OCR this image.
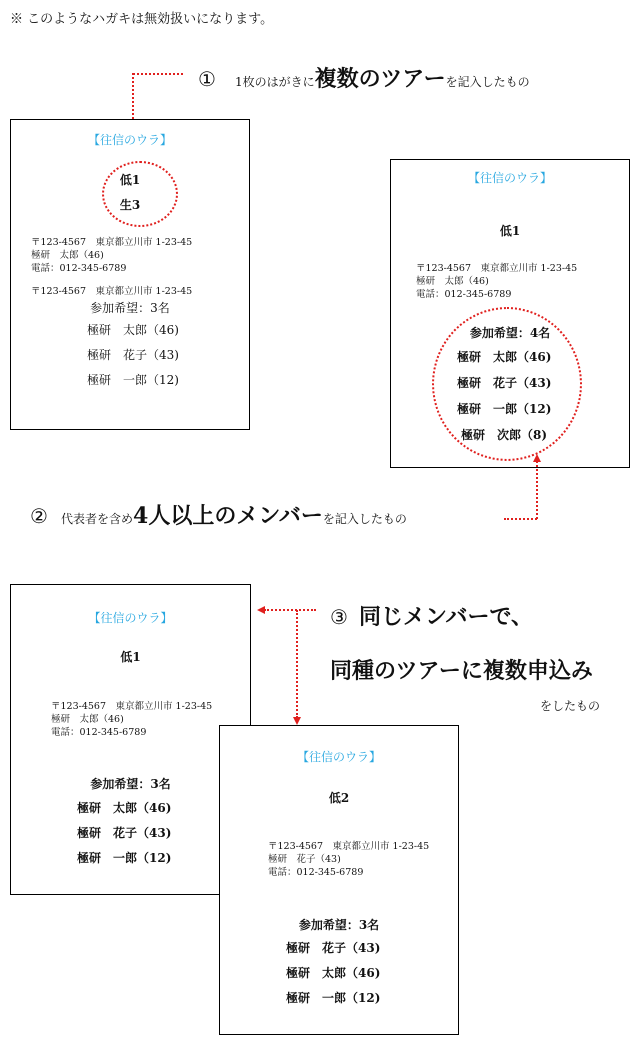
※ このようなハガキは無効扱いになります。
① 1枚のはがきに複数のツアーを記入したもの
【往信のウラ】
低1
生3
〒123-4567　東京都立川市 1-23-45
極研　太郎（46)
電話：012-345-6789
〒123-4567　東京都立川市 1-23-45
参加希望：3名
極研　太郎（46)
極研　花子（43)
極研　一郎（12)
【往信のウラ】
低1
〒123-4567　東京都立川市 1-23-45
極研　太郎（46)
電話：012-345-6789
参加希望：4名
極研　太郎（46)
極研　花子（43)
極研　一郎（12)
極研　次郎（8)
② 代表者を含め4人以上のメンバーを記入したもの
【往信のウラ】
低1
〒123-4567　東京都立川市 1-23-45
極研　太郎（46)
電話：012-345-6789
参加希望：3名
極研　太郎（46)
極研　花子（43)
極研　一郎（12)
【往信のウラ】
低2
〒123-4567　東京都立川市 1-23-45
極研　花子（43)
電話：012-345-6789
参加希望：3名
極研　花子（43)
極研　太郎（46)
極研　一郎（12)
③ 同じメンバーで、
同種のツアーに複数申込み
をしたもの
